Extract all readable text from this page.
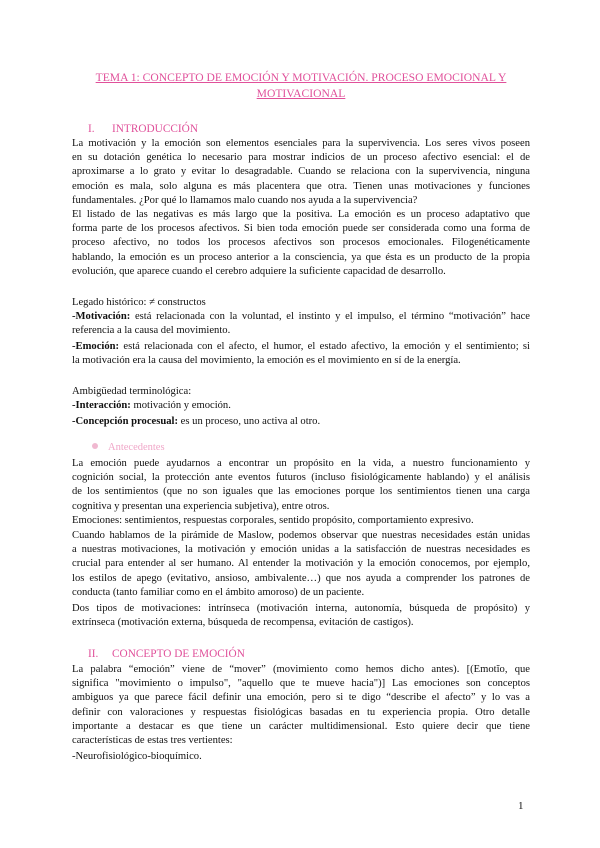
TEMA 1: CONCEPTO DE EMOCIÓN Y MOTIVACIÓN. PROCESO EMOCIONAL Y MOTIVACIONAL
I. INTRODUCCIÓN
La motivación y la emoción son elementos esenciales para la supervivencia. Los seres vivos poseen
en su dotación genética lo necesario para mostrar indicios de un proceso afectivo esencial: el de
aproximarse a lo grato y evitar lo desagradable. Cuando se relaciona con la supervivencia, ninguna
emoción es mala, solo alguna es más placentera que otra. Tienen unas motivaciones y funciones
fundamentales. ¿Por qué lo llamamos malo cuando nos ayuda a la supervivencia?
El listado de las negativas es más largo que la positiva. La emoción es un proceso adaptativo que
forma parte de los procesos afectivos. Si bien toda emoción puede ser considerada como una forma de
proceso afectivo, no todos los procesos afectivos son procesos emocionales. Filogenéticamente
hablando, la emoción es un proceso anterior a la consciencia, ya que ésta es un producto de la propia
evolución, que aparece cuando el cerebro adquiere la suficiente capacidad de desarrollo.
Legado histórico: ≠ constructos
-Motivación: está relacionada con la voluntad, el instinto y el impulso, el término “motivación” hace
referencia a la causa del movimiento.
-Emoción: está relacionada con el afecto, el humor, el estado afectivo, la emoción y el sentimiento; si
la motivación era la causa del movimiento, la emoción es el movimiento en sí de la energía.
Ambigüedad terminológica:
-Interacción: motivación y emoción.
-Concepción procesual: es un proceso, uno activa al otro.
Antecedentes
La emoción puede ayudarnos a encontrar un propósito en la vida, a nuestro funcionamiento y
cognición social, la protección ante eventos futuros (incluso fisiológicamente hablando) y el análisis
de los sentimientos (que no son iguales que las emociones porque los sentimientos tienen una carga
cognitiva y presentan una experiencia subjetiva), entre otros.
Emociones: sentimientos, respuestas corporales, sentido propósito, comportamiento expresivo.
Cuando hablamos de la pirámide de Maslow, podemos observar que nuestras necesidades están unidas
a nuestras motivaciones, la motivación y emoción unidas a la satisfacción de nuestras necesidades es
crucial para entender al ser humano. Al entender la motivación y la emoción conocemos, por ejemplo,
los estilos de apego (evitativo, ansioso, ambivalente…) que nos ayuda a comprender los patrones de
conducta (tanto familiar como en el ámbito amoroso) de un paciente.
Dos tipos de motivaciones: intrínseca (motivación interna, autonomía, búsqueda de propósito) y
extrínseca (motivación externa, búsqueda de recompensa, evitación de castigos).
II. CONCEPTO DE EMOCIÓN
La palabra “emoción” viene de “mover” (movimiento como hemos dicho antes). [(Emotĭo, que
significa "movimiento o impulso", "aquello que te mueve hacia")] Las emociones son conceptos
ambiguos ya que parece fácil definir una emoción, pero si te digo “describe el afecto” y lo vas a
definir con valoraciones y respuestas fisiológicas basadas en tu experiencia propia. Otro detalle
importante a destacar es que tiene un carácter multidimensional. Esto quiere decir que tiene
características de estas tres vertientes:
-Neurofisiológico-bioquímico.
1
